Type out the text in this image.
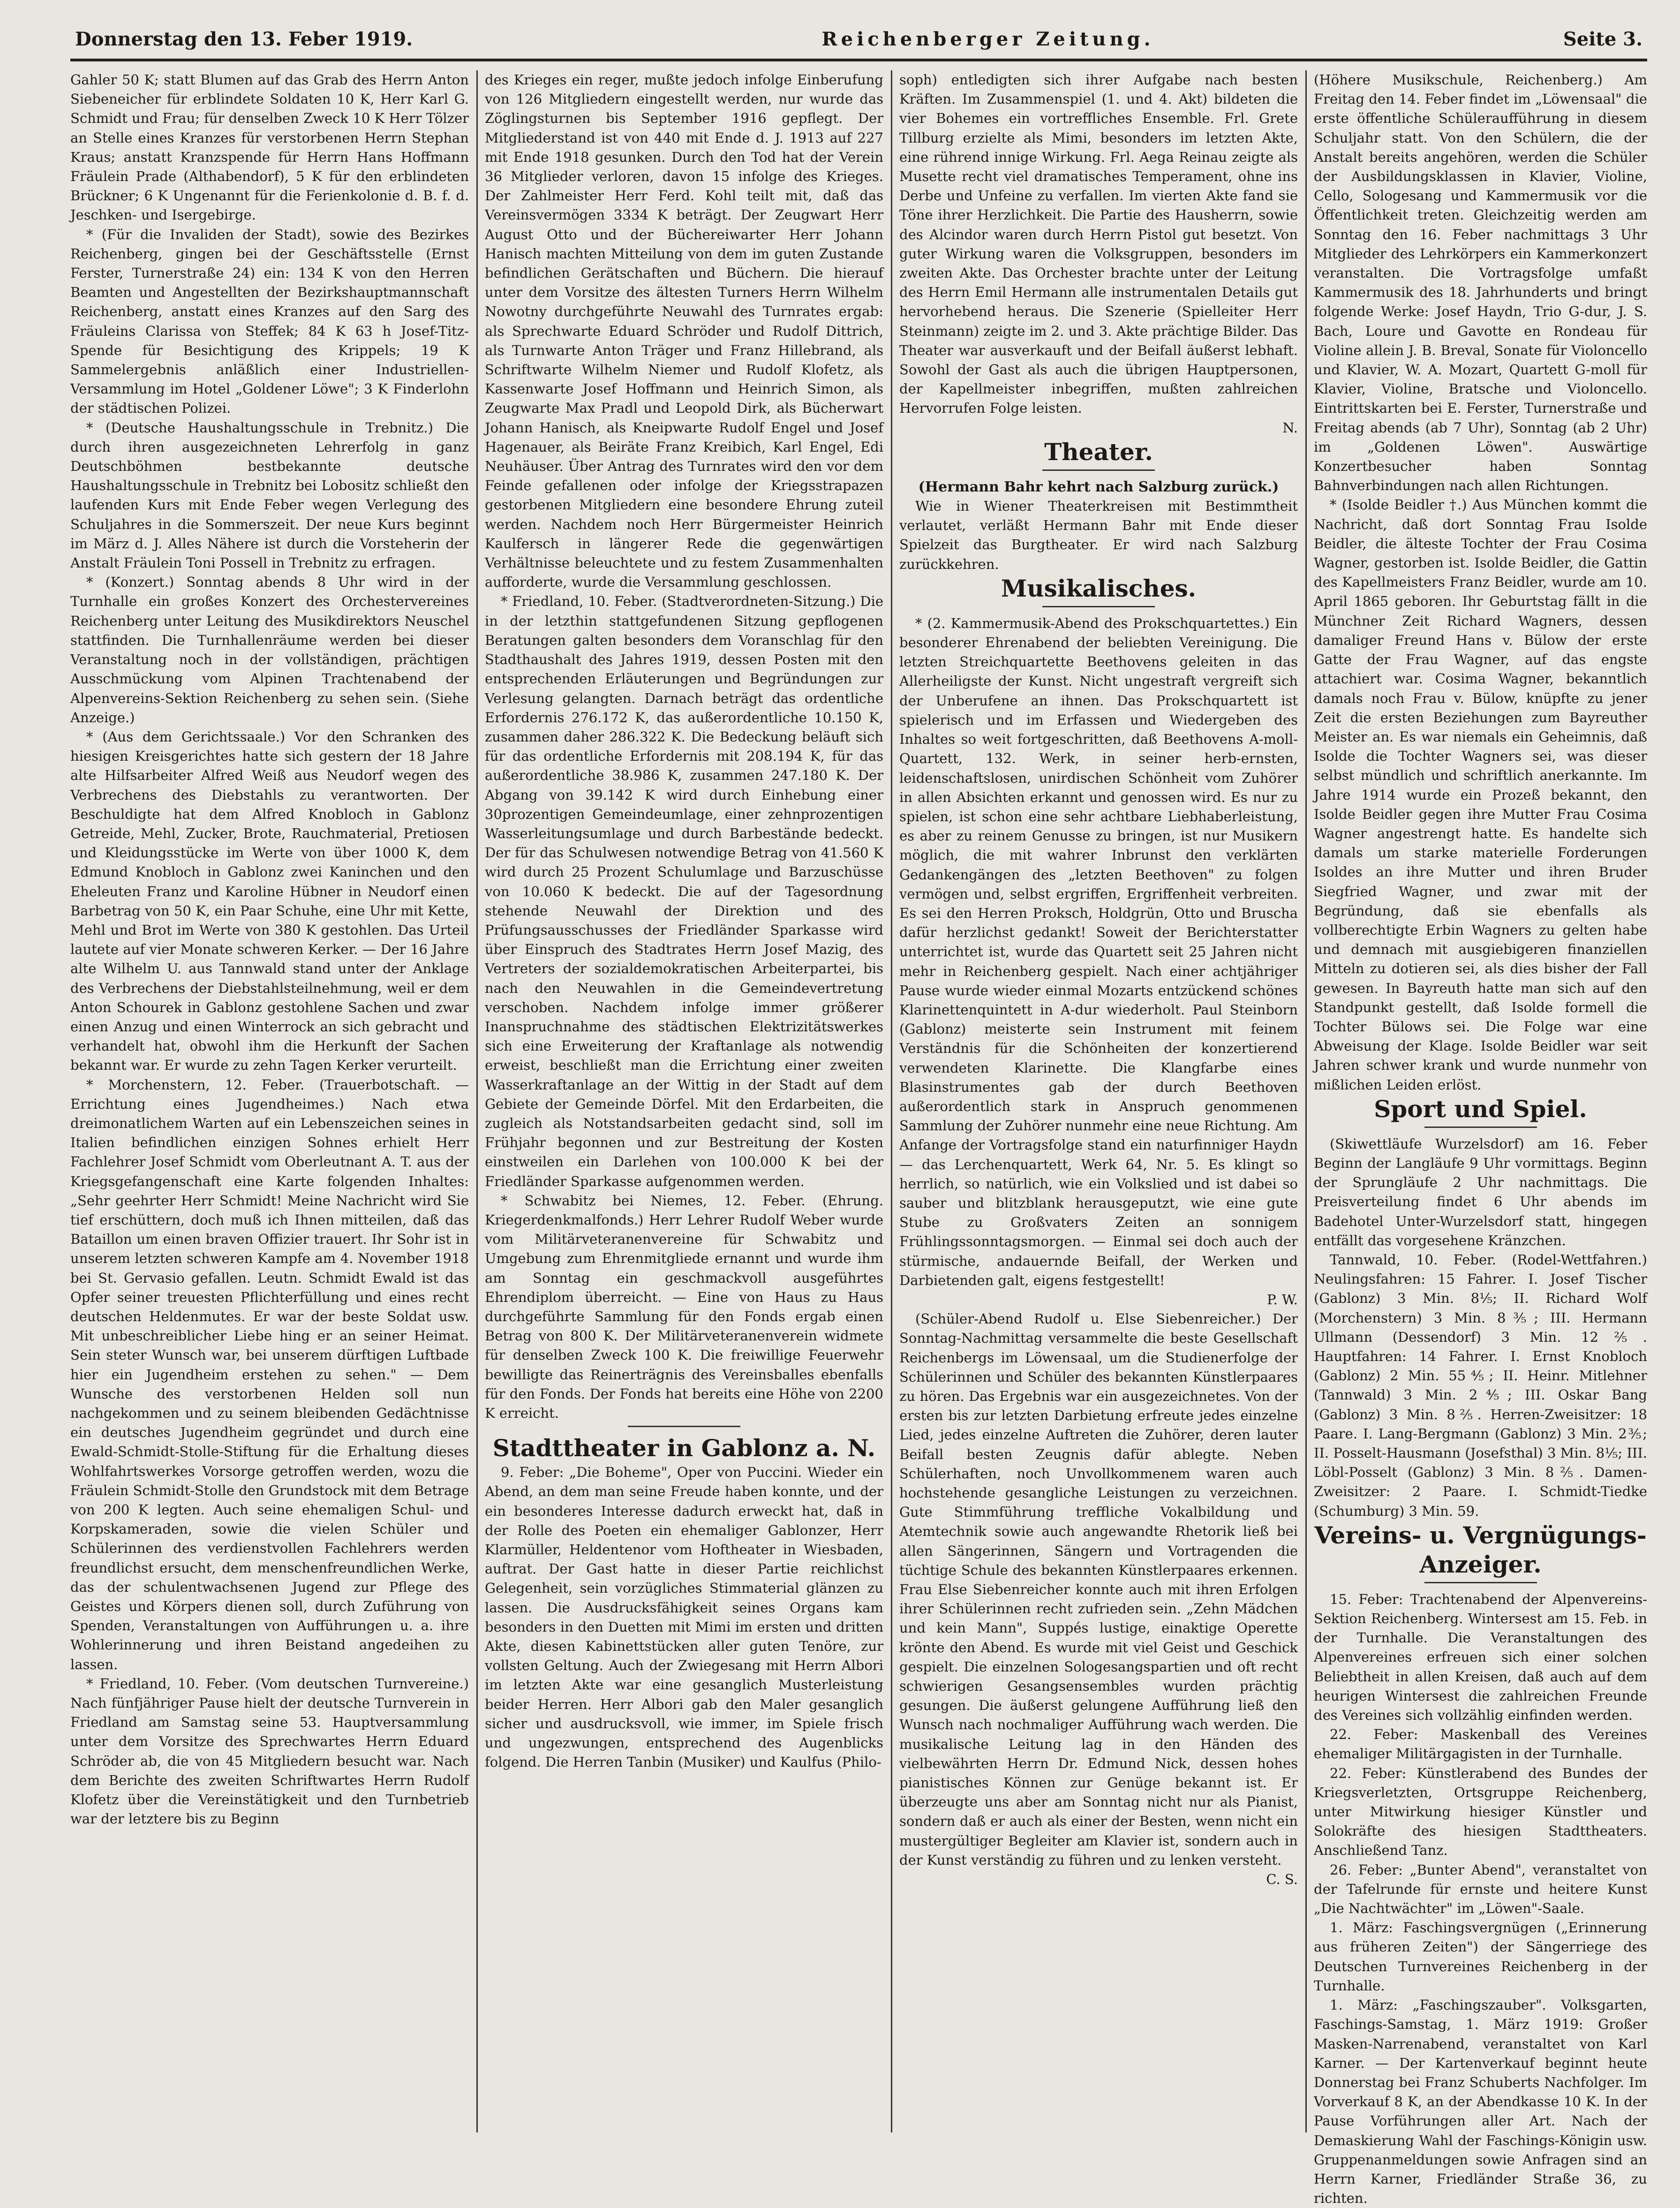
Donnerstag den 13. Feber 1919.	Reichenberger Zeitung.	Seite 3.

Gahler 50 K; statt Blumen auf das Grab des Herrn Anton Siebeneicher für erblindete Soldaten 10 K, Herr Karl G. Schmidt und Frau; für denselben Zweck 10 K Herr Tölzer an Stelle eines Kranzes für verstorbenen Herrn Stephan Kraus; anstatt Kranzspende für Herrn Hans Hoffmann Fräulein Prade (Althabendorf), 5 K für den erblindeten Brückner; 6 K Ungenannt für die Ferienkolonie d. B. f. d. Jeschken- und Isergebirge.

* (Für die Invaliden der Stadt), sowie des Bezirkes Reichenberg, gingen bei der Geschäftsstelle (Ernst Ferster, Turnerstraße 24) ein: 134 K von den Herren Beamten und Angestellten der Bezirkshauptmannschaft Reichenberg, anstatt eines Kranzes auf den Sarg des Fräuleins Clarissa von Steffek; 84 K 63 h Josef-Titz-Spende für Besichtigung des Krippels; 19 K Sammelergebnis anläßlich einer Industriellen-Versammlung im Hotel „Goldener Löwe"; 3 K Finderlohn der städtischen Polizei.

* (Deutsche Haushaltungsschule in Trebnitz.) Die durch ihren ausgezeichneten Lehrerfolg in ganz Deutschböhmen bestbekannte deutsche Haushaltungsschule in Trebnitz bei Lobositz schließt den laufenden Kurs mit Ende Feber wegen Verlegung des Schuljahres in die Sommerszeit. Der neue Kurs beginnt im März d. J. Alles Nähere ist durch die Vorsteherin der Anstalt Fräulein Toni Possell in Trebnitz zu erfragen.

* (Konzert.) Sonntag abends 8 Uhr wird in der Turnhalle ein großes Konzert des Orchestervereines Reichenberg unter Leitung des Musikdirektors Neuschel stattfinden. Die Turnhallenräume werden bei dieser Veranstaltung noch in der vollständigen, prächtigen Ausschmückung vom Alpinen Trachtenabend der Alpenvereins-Sektion Reichenberg zu sehen sein. (Siehe Anzeige.)

* (Aus dem Gerichtssaale.) Vor den Schranken des hiesigen Kreisgerichtes hatte sich gestern der 18 Jahre alte Hilfsarbeiter Alfred Weiß aus Neudorf wegen des Verbrechens des Diebstahls zu verantworten. Der Beschuldigte hat dem Alfred Knobloch in Gablonz Getreide, Mehl, Zucker, Brote, Rauchmaterial, Pretiosen und Kleidungsstücke im Werte von über 1000 K, dem Edmund Knobloch in Gablonz zwei Kaninchen und den Eheleuten Franz und Karoline Hübner in Neudorf einen Barbetrag von 50 K, ein Paar Schuhe, eine Uhr mit Kette, Mehl und Brot im Werte von 380 K gestohlen. Das Urteil lautete auf vier Monate schweren Kerker. — Der 16 Jahre alte Wilhelm U. aus Tannwald stand unter der Anklage des Verbrechens der Diebstahlsteilnehmung, weil er dem Anton Schourek in Gablonz gestohlene Sachen und zwar einen Anzug und einen Winterrock an sich gebracht und verhandelt hat, obwohl ihm die Herkunft der Sachen bekannt war. Er wurde zu zehn Tagen Kerker verurteilt.

* Morchenstern, 12. Feber. (Trauerbotschaft. — Errichtung eines Jugendheimes.) Nach etwa dreimonatlichem Warten auf ein Lebenszeichen seines in Italien befindlichen einzigen Sohnes erhielt Herr Fachlehrer Josef Schmidt vom Oberleutnant A. T. aus der Kriegsgefangenschaft eine Karte folgenden Inhaltes: „Sehr geehrter Herr Schmidt! Meine Nachricht wird Sie tief erschüttern, doch muß ich Ihnen mitteilen, daß das Bataillon um einen braven Offizier trauert. Ihr Sohr ist in unserem letzten schweren Kampfe am 4. November 1918 bei St. Gervasio gefallen. Leutn. Schmidt Ewald ist das Opfer seiner treuesten Pflichterfüllung und eines recht deutschen Heldenmutes. Er war der beste Soldat usw. Mit unbeschreiblicher Liebe hing er an seiner Heimat. Sein steter Wunsch war, bei unserem dürftigen Luftbade hier ein Jugendheim erstehen zu sehen." — Dem Wunsche des verstorbenen Helden soll nun nachgekommen und zu seinem bleibenden Gedächtnisse ein deutsches Jugendheim gegründet und durch eine Ewald-Schmidt-Stolle-Stiftung für die Erhaltung dieses Wohlfahrtswerkes Vorsorge getroffen werden, wozu die Fräulein Schmidt-Stolle den Grundstock mit dem Betrage von 200 K legten. Auch seine ehemaligen Schul- und Korpskameraden, sowie die vielen Schüler und Schülerinnen des verdienstvollen Fachlehrers werden freundlichst ersucht, dem menschenfreundlichen Werke, das der schulentwachsenen Jugend zur Pflege des Geistes und Körpers dienen soll, durch Zuführung von Spenden, Veranstaltungen von Aufführungen u. a. ihre Wohlerinnerung und ihren Beistand angedeihen zu lassen.

* Friedland, 10. Feber. (Vom deutschen Turnvereine.) Nach fünfjähriger Pause hielt der deutsche Turnverein in Friedland am Samstag seine 53. Hauptversammlung unter dem Vorsitze des Sprechwartes Herrn Eduard Schröder ab, die von 45 Mitgliedern besucht war. Nach dem Berichte des zweiten Schriftwartes Herrn Rudolf Klofetz über die Vereinstätigkeit und den Turnbetrieb war der letztere bis zu Beginn

des Krieges ein reger, mußte jedoch infolge Einberufung von 126 Mitgliedern eingestellt werden, nur wurde das Zöglingsturnen bis September 1916 gepflegt. Der Mitgliederstand ist von 440 mit Ende d. J. 1913 auf 227 mit Ende 1918 gesunken. Durch den Tod hat der Verein 36 Mitglieder verloren, davon 15 infolge des Krieges. Der Zahlmeister Herr Ferd. Kohl teilt mit, daß das Vereinsvermögen 3334 K beträgt. Der Zeugwart Herr August Otto und der Büchereiwarter Herr Johann Hanisch machten Mitteilung von dem im guten Zustande befindlichen Gerätschaften und Büchern. Die hierauf unter dem Vorsitze des ältesten Turners Herrn Wilhelm Nowotny durchgeführte Neuwahl des Turnrates ergab: als Sprechwarte Eduard Schröder und Rudolf Dittrich, als Turnwarte Anton Träger und Franz Hillebrand, als Schriftwarte Wilhelm Niemer und Rudolf Klofetz, als Kassenwarte Josef Hoffmann und Heinrich Simon, als Zeugwarte Max Pradl und Leopold Dirk, als Bücherwart Johann Hanisch, als Kneipwarte Rudolf Engel und Josef Hagenauer, als Beiräte Franz Kreibich, Karl Engel, Edi Neuhäuser. Über Antrag des Turnrates wird den vor dem Feinde gefallenen oder infolge der Kriegsstrapazen gestorbenen Mitgliedern eine besondere Ehrung zuteil werden. Nachdem noch Herr Bürgermeister Heinrich Kaulfersch in längerer Rede die gegenwärtigen Verhältnisse beleuchtete und zu festem Zusammenhalten aufforderte, wurde die Versammlung geschlossen.

* Friedland, 10. Feber. (Stadtverordneten-Sitzung.) Die in der letzthin stattgefundenen Sitzung gepflogenen Beratungen galten besonders dem Voranschlag für den Stadthaushalt des Jahres 1919, dessen Posten mit den entsprechenden Erläuterungen und Begründungen zur Verlesung gelangten. Darnach beträgt das ordentliche Erfordernis 276.172 K, das außerordentliche 10.150 K, zusammen daher 286.322 K. Die Bedeckung beläuft sich für das ordentliche Erfordernis mit 208.194 K, für das außerordentliche 38.986 K, zusammen 247.180 K. Der Abgang von 39.142 K wird durch Einhebung einer 30prozentigen Gemeindeumlage, einer zehnprozentigen Wasserleitungsumlage und durch Barbestände bedeckt. Der für das Schulwesen notwendige Betrag von 41.560 K wird durch 25 Prozent Schulumlage und Barzuschüsse von 10.060 K bedeckt. Die auf der Tagesordnung stehende Neuwahl der Direktion und des Prüfungsausschusses der Friedländer Sparkasse wird über Einspruch des Stadtrates Herrn Josef Mazig, des Vertreters der sozialdemokratischen Arbeiterpartei, bis nach den Neuwahlen in die Gemeindevertretung verschoben. Nachdem infolge immer größerer Inanspruchnahme des städtischen Elektrizitätswerkes sich eine Erweiterung der Kraftanlage als notwendig erweist, beschließt man die Errichtung einer zweiten Wasserkraftanlage an der Wittig in der Stadt auf dem Gebiete der Gemeinde Dörfel. Mit den Erdarbeiten, die zugleich als Notstandsarbeiten gedacht sind, soll im Frühjahr begonnen und zur Bestreitung der Kosten einstweilen ein Darlehen von 100.000 K bei der Friedländer Sparkasse aufgenommen werden.

* Schwabitz bei Niemes, 12. Feber. (Ehrung. Kriegerdenkmalfonds.) Herr Lehrer Rudolf Weber wurde vom Militärveteranenvereine für Schwabitz und Umgebung zum Ehrenmitgliede ernannt und wurde ihm am Sonntag ein geschmackvoll ausgeführtes Ehrendiplom überreicht. — Eine von Haus zu Haus durchgeführte Sammlung für den Fonds ergab einen Betrag von 800 K. Der Militärveteranenverein widmete für denselben Zweck 100 K. Die freiwillige Feuerwehr bewilligte das Reinerträgnis des Vereinsballes ebenfalls für den Fonds. Der Fonds hat bereits eine Höhe von 2200 K erreicht.

Stadttheater in Gablonz a. N.

9. Feber: „Die Boheme", Oper von Puccini. Wieder ein Abend, an dem man seine Freude haben konnte, und der ein besonderes Interesse dadurch erweckt hat, daß in der Rolle des Poeten ein ehemaliger Gablonzer, Herr Klarmüller, Heldentenor vom Hoftheater in Wiesbaden, auftrat. Der Gast hatte in dieser Partie reichlichst Gelegenheit, sein vorzügliches Stimmaterial glänzen zu lassen. Die Ausdrucksfähigkeit seines Organs kam besonders in den Duetten mit Mimi im ersten und dritten Akte, diesen Kabinettstücken aller guten Tenöre, zur vollsten Geltung. Auch der Zwiegesang mit Herrn Albori im letzten Akte war eine gesanglich Musterleistung beider Herren. Herr Albori gab den Maler gesanglich sicher und ausdrucksvoll, wie immer, im Spiele frisch und ungezwungen, entsprechend des Augenblicks folgend. Die Herren Tanbin (Musiker) und Kaulfus (Philo-

soph) entledigten sich ihrer Aufgabe nach besten Kräften. Im Zusammenspiel (1. und 4. Akt) bildeten die vier Bohemes ein vortreffliches Ensemble. Frl. Grete Tillburg erzielte als Mimi, besonders im letzten Akte, eine rührend innige Wirkung. Frl. Aega Reinau zeigte als Musette recht viel dramatisches Temperament, ohne ins Derbe und Unfeine zu verfallen. Im vierten Akte fand sie Töne ihrer Herzlichkeit. Die Partie des Hausherrn, sowie des Alcindor waren durch Herrn Pistol gut besetzt. Von guter Wirkung waren die Volksgruppen, besonders im zweiten Akte. Das Orchester brachte unter der Leitung des Herrn Emil Hermann alle instrumentalen Details gut hervorhebend heraus. Die Szenerie (Spielleiter Herr Steinmann) zeigte im 2. und 3. Akte prächtige Bilder. Das Theater war ausverkauft und der Beifall äußerst lebhaft. Sowohl der Gast als auch die übrigen Hauptpersonen, der Kapellmeister inbegriffen, mußten zahlreichen Hervorrufen Folge leisten.

N.

Theater.

(Hermann Bahr kehrt nach Salzburg zurück.)

Wie in Wiener Theaterkreisen mit Bestimmtheit verlautet, verläßt Hermann Bahr mit Ende dieser Spielzeit das Burgtheater. Er wird nach Salzburg zurückkehren.

Musikalisches.

* (2. Kammermusik-Abend des Prokschquartettes.) Ein besonderer Ehrenabend der beliebten Vereinigung. Die letzten Streichquartette Beethovens geleiten in das Allerheiligste der Kunst. Nicht ungestraft vergreift sich der Unberufene an ihnen. Das Prokschquartett ist spielerisch und im Erfassen und Wiedergeben des Inhaltes so weit fortgeschritten, daß Beethovens A-moll-Quartett, 132. Werk, in seiner herb-ernsten, leidenschaftslosen, unirdischen Schönheit vom Zuhörer in allen Absichten erkannt und genossen wird. Es nur zu spielen, ist schon eine sehr achtbare Liebhaberleistung, es aber zu reinem Genusse zu bringen, ist nur Musikern möglich, die mit wahrer Inbrunst den verklärten Gedankengängen des „letzten Beethoven" zu folgen vermögen und, selbst ergriffen, Ergriffenheit verbreiten. Es sei den Herren Proksch, Holdgrün, Otto und Bruscha dafür herzlichst gedankt! Soweit der Berichterstatter unterrichtet ist, wurde das Quartett seit 25 Jahren nicht mehr in Reichenberg gespielt. Nach einer achtjähriger Pause wurde wieder einmal Mozarts entzückend schönes Klarinettenquintett in A-dur wiederholt. Paul Steinborn (Gablonz) meisterte sein Instrument mit feinem Verständnis für die Schönheiten der konzertierend verwendeten Klarinette. Die Klangfarbe eines Blasinstrumentes gab der durch Beethoven außerordentlich stark in Anspruch genommenen Sammlung der Zuhörer nunmehr eine neue Richtung. Am Anfange der Vortragsfolge stand ein naturfinniger Haydn — das Lerchenquartett, Werk 64, Nr. 5. Es klingt so herrlich, so natürlich, wie ein Volkslied und ist dabei so sauber und blitzblank herausgeputzt, wie eine gute Stube zu Großvaters Zeiten an sonnigem Frühlingssonntagsmorgen. — Einmal sei doch auch der stürmische, andauernde Beifall, der Werken und Darbietenden galt, eigens festgestellt!

P. W.

(Schüler-Abend Rudolf u. Else Siebenreicher.) Der Sonntag-Nachmittag versammelte die beste Gesellschaft Reichenbergs im Löwensaal, um die Studienerfolge der Schülerinnen und Schüler des bekannten Künstlerpaares zu hören. Das Ergebnis war ein ausgezeichnetes. Von der ersten bis zur letzten Darbietung erfreute jedes einzelne Lied, jedes einzelne Auftreten die Zuhörer, deren lauter Beifall besten Zeugnis dafür ablegte. Neben Schülerhaften, noch Unvollkommenem waren auch hochstehende gesangliche Leistungen zu verzeichnen. Gute Stimmführung treffliche Vokalbildung und Atemtechnik sowie auch angewandte Rhetorik ließ bei allen Sängerinnen, Sängern und Vortragenden die tüchtige Schule des bekannten Künstlerpaares erkennen. Frau Else Siebenreicher konnte auch mit ihren Erfolgen ihrer Schülerinnen recht zufrieden sein. „Zehn Mädchen und kein Mann", Suppés lustige, einaktige Operette krönte den Abend. Es wurde mit viel Geist und Geschick gespielt. Die einzelnen Sologesangspartien und oft recht schwierigen Gesangsensembles wurden prächtig gesungen. Die äußerst gelungene Aufführung ließ den Wunsch nach nochmaliger Aufführung wach werden. Die musikalische Leitung lag in den Händen des vielbewährten Herrn Dr. Edmund Nick, dessen hohes pianistisches Können zur Genüge bekannt ist. Er überzeugte uns aber am Sonntag nicht nur als Pianist, sondern daß er auch als einer der Besten, wenn nicht ein mustergültiger Begleiter am Klavier ist, sondern auch in der Kunst verständig zu führen und zu lenken versteht.

C. S.

(Höhere Musikschule, Reichenberg.) Am Freitag den 14. Feber findet im „Löwensaal" die erste öffentliche Schüleraufführung in diesem Schuljahr statt. Von den Schülern, die der Anstalt bereits angehören, werden die Schüler der Ausbildungsklassen in Klavier, Violine, Cello, Sologesang und Kammermusik vor die Öffentlichkeit treten. Gleichzeitig werden am Sonntag den 16. Feber nachmittags 3 Uhr Mitglieder des Lehrkörpers ein Kammerkonzert veranstalten. Die Vortragsfolge umfaßt Kammermusik des 18. Jahrhunderts und bringt folgende Werke: Josef Haydn, Trio G-dur, J. S. Bach, Loure und Gavotte en Rondeau für Violine allein J. B. Breval, Sonate für Violoncello und Klavier, W. A. Mozart, Quartett G-moll für Klavier, Violine, Bratsche und Violoncello. Eintrittskarten bei E. Ferster, Turnerstraße und Freitag abends (ab 7 Uhr), Sonntag (ab 2 Uhr) im „Goldenen Löwen". Auswärtige Konzertbesucher haben Sonntag Bahnverbindungen nach allen Richtungen.

* (Isolde Beidler †.) Aus München kommt die Nachricht, daß dort Sonntag Frau Isolde Beidler, die älteste Tochter der Frau Cosima Wagner, gestorben ist. Isolde Beidler, die Gattin des Kapellmeisters Franz Beidler, wurde am 10. April 1865 geboren. Ihr Geburtstag fällt in die Münchner Zeit Richard Wagners, dessen damaliger Freund Hans v. Bülow der erste Gatte der Frau Wagner, auf das engste attachiert war. Cosima Wagner, bekanntlich damals noch Frau v. Bülow, knüpfte zu jener Zeit die ersten Beziehungen zum Bayreuther Meister an. Es war niemals ein Geheimnis, daß Isolde die Tochter Wagners sei, was dieser selbst mündlich und schriftlich anerkannte. Im Jahre 1914 wurde ein Prozeß bekannt, den Isolde Beidler gegen ihre Mutter Frau Cosima Wagner angestrengt hatte. Es handelte sich damals um starke materielle Forderungen Isoldes an ihre Mutter und ihren Bruder Siegfried Wagner, und zwar mit der Begründung, daß sie ebenfalls als vollberechtigte Erbin Wagners zu gelten habe und demnach mit ausgiebigeren finanziellen Mitteln zu dotieren sei, als dies bisher der Fall gewesen. In Bayreuth hatte man sich auf den Standpunkt gestellt, daß Isolde formell die Tochter Bülows sei. Die Folge war eine Abweisung der Klage. Isolde Beidler war seit Jahren schwer krank und wurde nunmehr von mißlichen Leiden erlöst.

Sport und Spiel.

(Skiwettläufe Wurzelsdorf) am 16. Feber Beginn der Langläufe 9 Uhr vormittags. Beginn der Sprungläufe 2 Uhr nachmittags. Die Preisverteilung findet 6 Uhr abends im Badehotel Unter-Wurzelsdorf statt, hingegen entfällt das vorgesehene Kränzchen.

Tannwald, 10. Feber. (Rodel-Wettfahren.) Neulingsfahren: 15 Fahrer. I. Josef Tischer (Gablonz) 3 Min. 8⅕; II. Richard Wolf (Morchenstern) 3 Min. 8⅗; III. Hermann Ullmann (Dessendorf) 3 Min. 12⅖. Hauptfahren: 14 Fahrer. I. Ernst Knobloch (Gablonz) 2 Min. 55⅘; II. Heinr. Mitlehner (Tannwald) 3 Min. 2⅘; III. Oskar Bang (Gablonz) 3 Min. 8⅖. Herren-Zweisitzer: 18 Paare. I. Lang-Bergmann (Gablonz) 3 Min. 2⅗; II. Posselt-Hausmann (Josefsthal) 3 Min. 8⅕; III. Löbl-Posselt (Gablonz) 3 Min. 8⅖. Damen-Zweisitzer: 2 Paare. I. Schmidt-Tiedke (Schumburg) 3 Min. 59.

Vereins- u. Vergnügungs-Anzeiger.

15. Feber: Trachtenabend der Alpenvereins-Sektion Reichenberg. Wintersest am 15. Feb. in der Turnhalle. Die Veranstaltungen des Alpenvereines erfreuen sich einer solchen Beliebtheit in allen Kreisen, daß auch auf dem heurigen Wintersest die zahlreichen Freunde des Vereines sich vollzählig einfinden werden.

22. Feber: Maskenball des Vereines ehemaliger Militärgagisten in der Turnhalle.

22. Feber: Künstlerabend des Bundes der Kriegsverletzten, Ortsgruppe Reichenberg, unter Mitwirkung hiesiger Künstler und Solokräfte des hiesigen Stadttheaters. Anschließend Tanz.

26. Feber: „Bunter Abend", veranstaltet von der Tafelrunde für ernste und heitere Kunst „Die Nachtwächter" im „Löwen"-Saale.

1. März: Faschingsvergnügen („Erinnerung aus früheren Zeiten") der Sängerriege des Deutschen Turnvereines Reichenberg in der Turnhalle.

1. März: „Faschingszauber". Volksgarten, Faschings-Samstag, 1. März 1919: Großer Masken-Narrenabend, veranstaltet von Karl Karner. — Der Kartenverkauf beginnt heute Donnerstag bei Franz Schuberts Nachfolger. Im Vorverkauf 8 K, an der Abendkasse 10 K. In der Pause Vorführungen aller Art. Nach der Demaskierung Wahl der Faschings-Königin usw. Gruppenanmeldungen sowie Anfragen sind an Herrn Karner, Friedländer Straße 36, zu richten.
